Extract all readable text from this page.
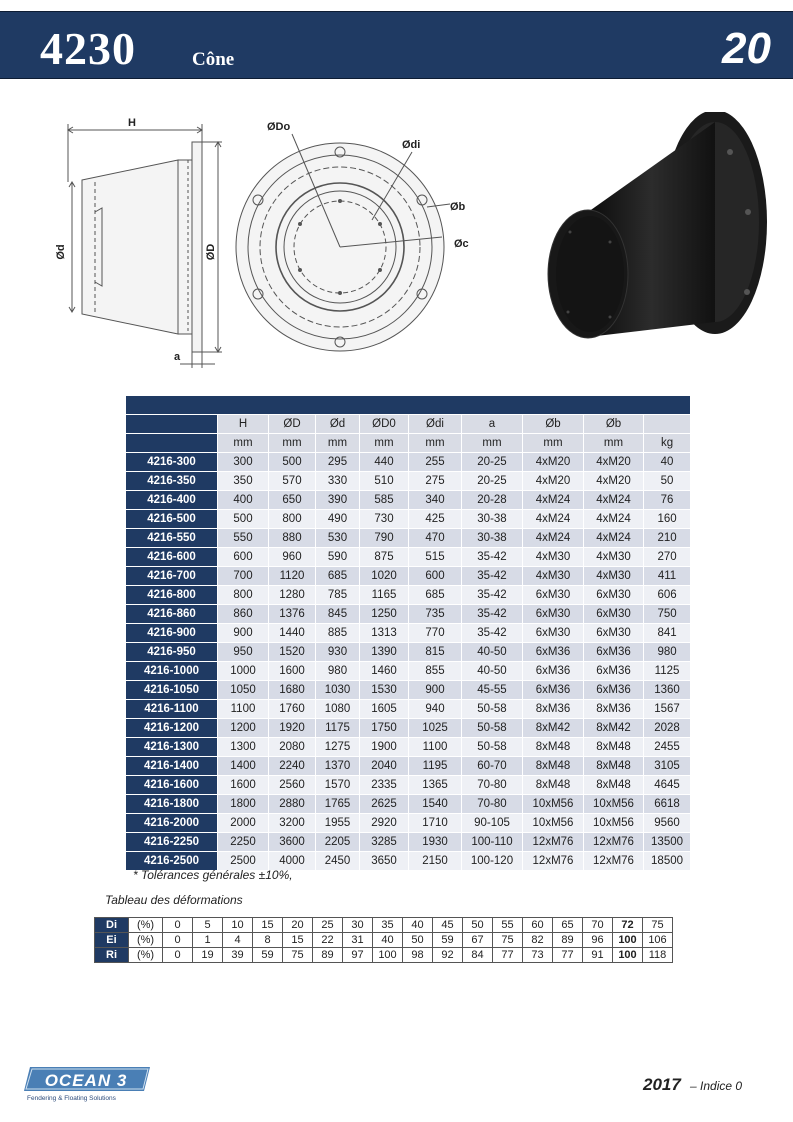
4230	Cône	20
H
Ød	ØD
a
ØDo
Ødi
Øb
Øc

	H	ØD	Ød	ØD0	Ødi	a	Øb	Øb	
	mm	mm	mm	mm	mm	mm	mm	mm	kg
4216-300	300	500	295	440	255	20-25	4xM20	4xM20	40
4216-350	350	570	330	510	275	20-25	4xM20	4xM20	50
4216-400	400	650	390	585	340	20-28	4xM24	4xM24	76
4216-500	500	800	490	730	425	30-38	4xM24	4xM24	160
4216-550	550	880	530	790	470	30-38	4xM24	4xM24	210
4216-600	600	960	590	875	515	35-42	4xM30	4xM30	270
4216-700	700	1120	685	1020	600	35-42	4xM30	4xM30	411
4216-800	800	1280	785	1165	685	35-42	6xM30	6xM30	606
4216-860	860	1376	845	1250	735	35-42	6xM30	6xM30	750
4216-900	900	1440	885	1313	770	35-42	6xM30	6xM30	841
4216-950	950	1520	930	1390	815	40-50	6xM36	6xM36	980
4216-1000	1000	1600	980	1460	855	40-50	6xM36	6xM36	1125
4216-1050	1050	1680	1030	1530	900	45-55	6xM36	6xM36	1360
4216-1100	1100	1760	1080	1605	940	50-58	8xM36	8xM36	1567
4216-1200	1200	1920	1175	1750	1025	50-58	8xM42	8xM42	2028
4216-1300	1300	2080	1275	1900	1100	50-58	8xM48	8xM48	2455
4216-1400	1400	2240	1370	2040	1195	60-70	8xM48	8xM48	3105
4216-1600	1600	2560	1570	2335	1365	70-80	8xM48	8xM48	4645
4216-1800	1800	2880	1765	2625	1540	70-80	10xM56	10xM56	6618
4216-2000	2000	3200	1955	2920	1710	90-105	10xM56	10xM56	9560
4216-2250	2250	3600	2205	3285	1930	100-110	12xM76	12xM76	13500
4216-2500	2500	4000	2450	3650	2150	100-120	12xM76	12xM76	18500
* Tolérances générales ±10%,
Tableau des déformations
Di	(%)	0	5	10	15	20	25	30	35	40	45	50	55	60	65	70	72	75
Ei	(%)	0	1	4	8	15	22	31	40	50	59	67	75	82	89	96	100	106
Ri	(%)	0	19	39	59	75	89	97	100	98	92	84	77	73	77	91	100	118
OCEAN 3
Fendering & Floating Solutions
2017 – Indice 0
